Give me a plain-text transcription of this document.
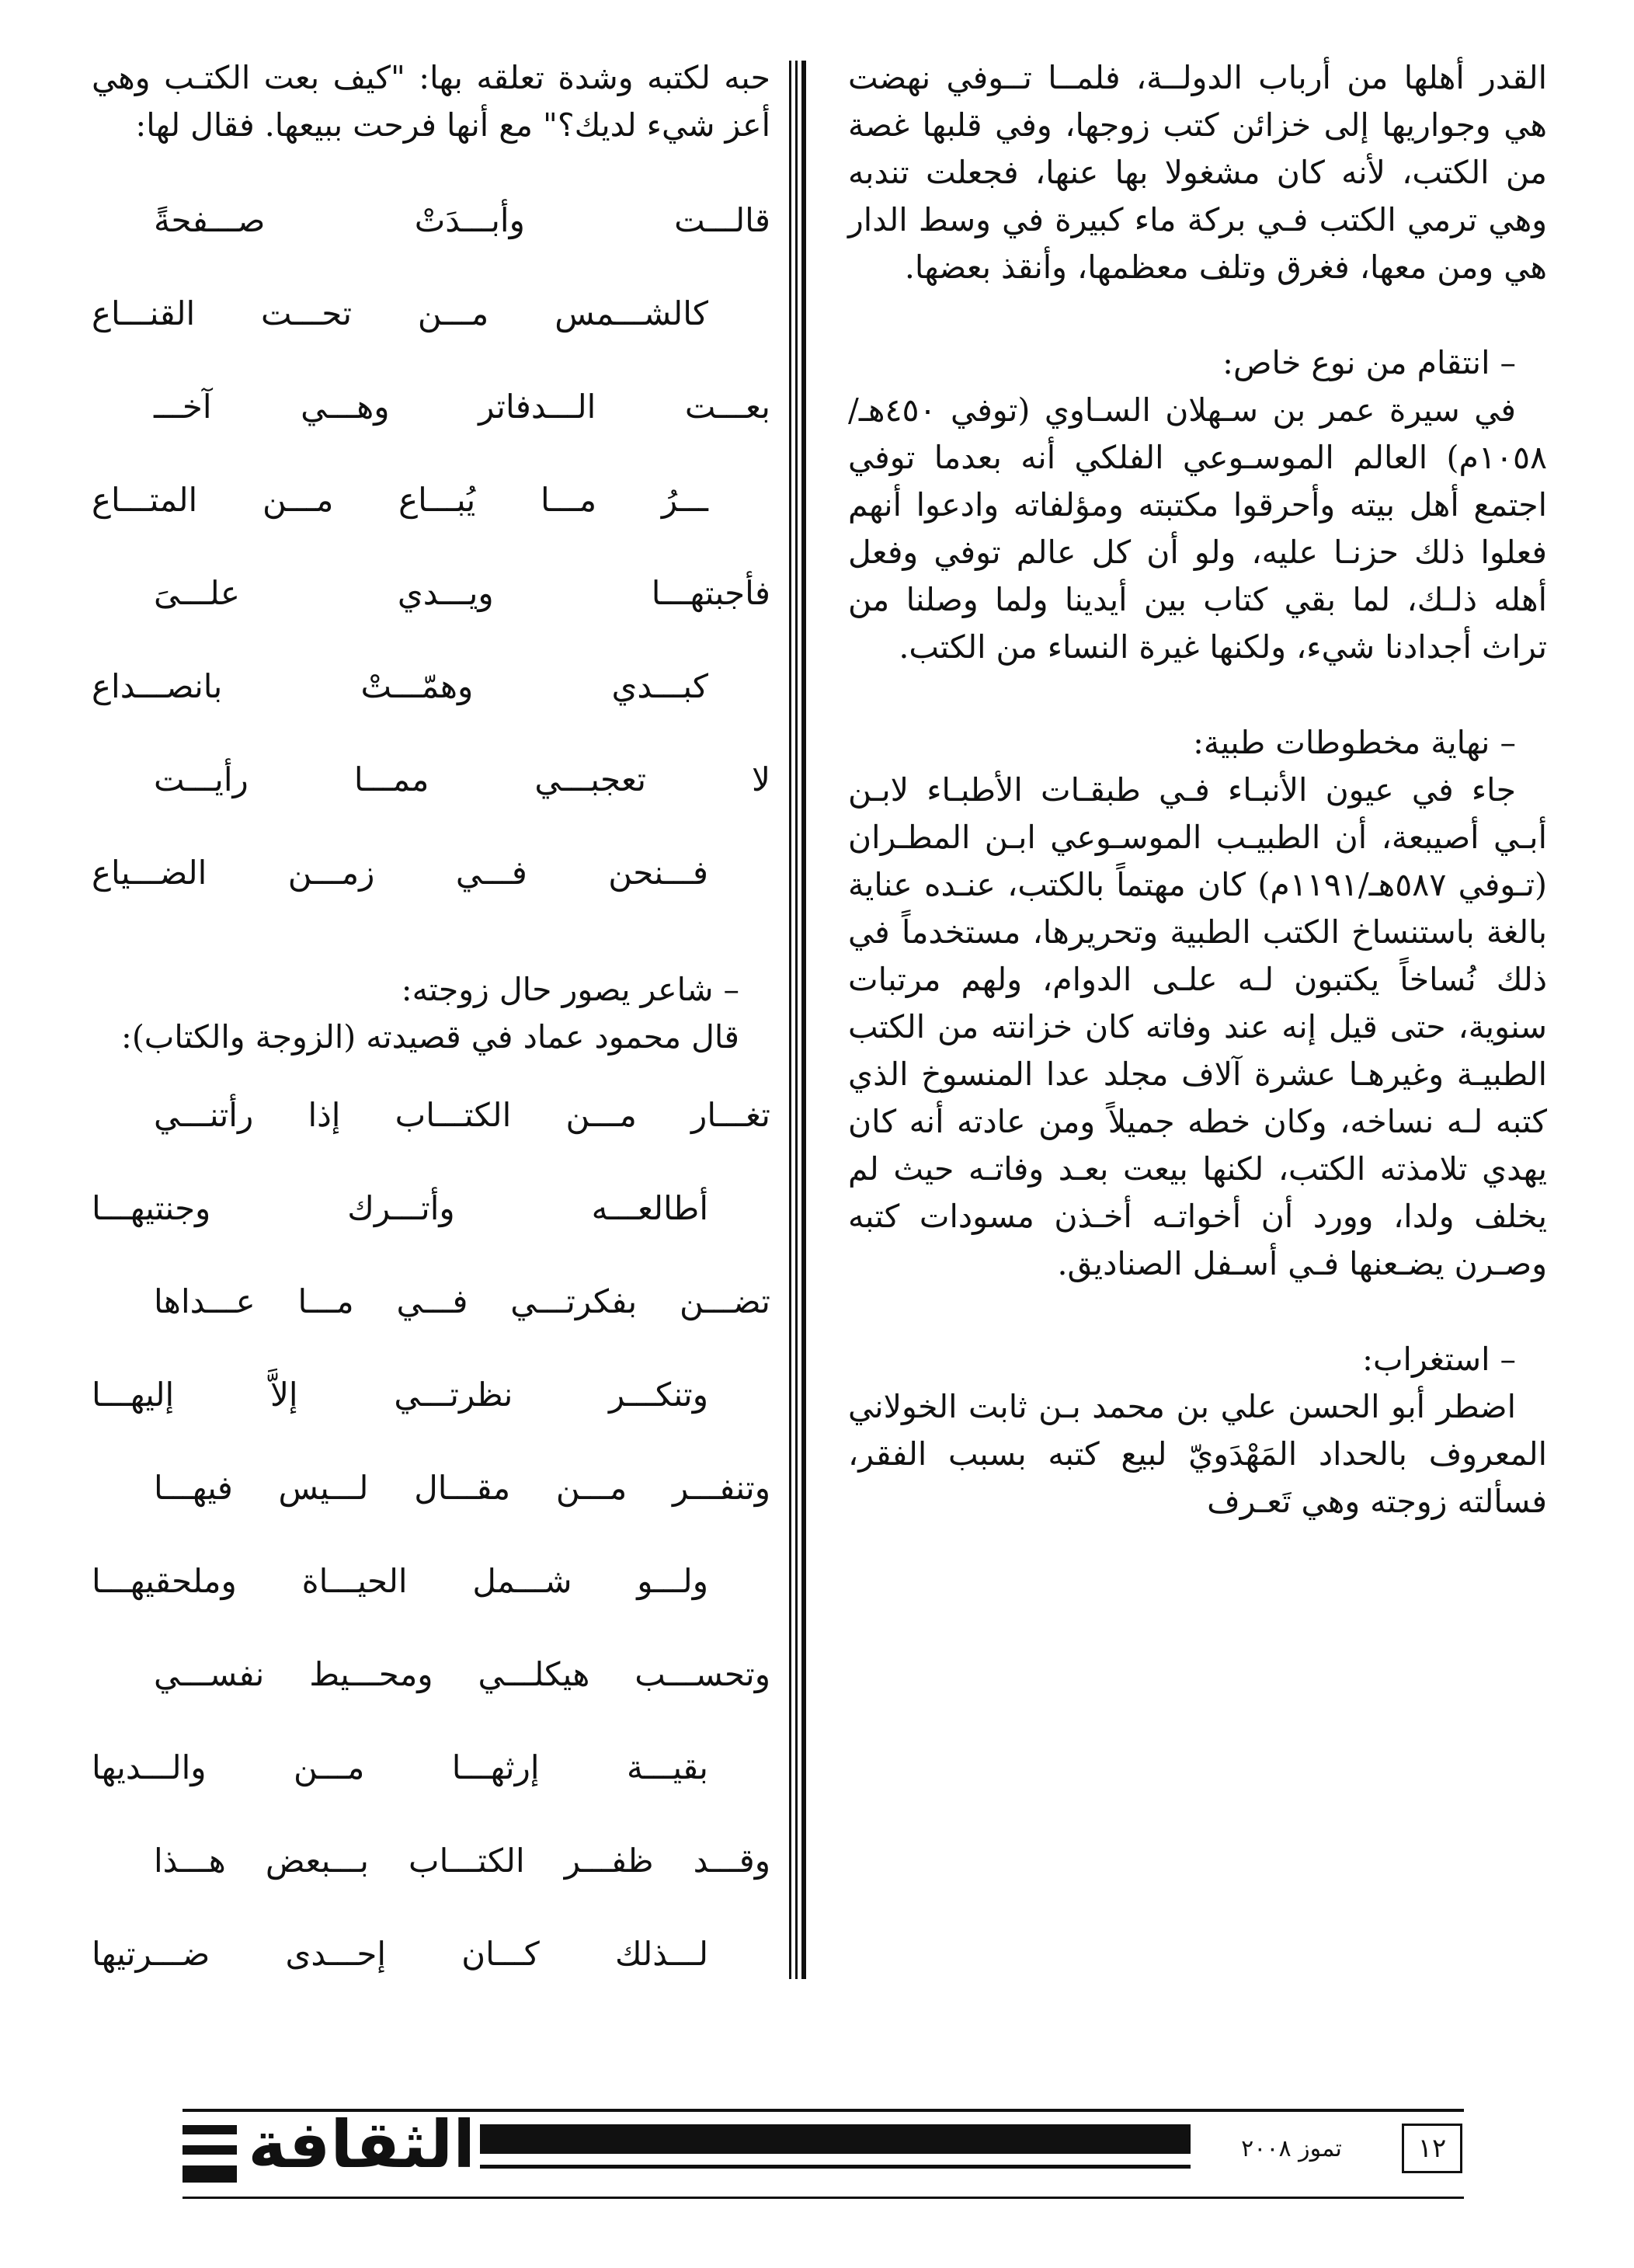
القدر أهلها من أرباب الدولــة، فلمــا تــوفي نهضت هي وجواريها إلى خزائن كتب زوجها، وفي قلبها غصة من الكتب، لأنه كان مشغولا بها عنها، فجعلت تندبه وهي ترمي الكتب فـي بركة ماء كبيرة في وسط الدار هي ومن معها، فغرق وتلف معظمها، وأنقذ بعضها.

– انتقام من نوع خاص:

في سيرة عمر بن سـهلان السـاوي (توفي ٤٥٠هـ/١٠٥٨م) العالم الموسـوعي الفلكي أنه بعدما توفي اجتمع أهل بيته وأحرقوا مكتبته ومؤلفاته وادعوا أنهم فعلوا ذلك حزنـا عليه، ولو أن كل عالم توفي وفعل أهله ذلـك، لما بقي كتاب بين أيدينا ولما وصلنا من تراث أجدادنا شيء، ولكنها غيرة النساء من الكتب.

– نهاية مخطوطات طبية:

جاء في عيون الأنبـاء فـي طبقـات الأطبـاء لابـن أبـي أصيبعة، أن الطبيـب الموسـوعي ابـن المطـران (تـوفي ٥٨٧هـ/١١٩١م) كان مهتماً بالكتب، عنـده عناية بالغة باستنساخ الكتب الطبية وتحريرها، مستخدماً في ذلك نُساخاً يكتبون لـه علـى الدوام، ولهم مرتبات سنوية، حتى قيل إنه عند وفاته كان خزانته من الكتب الطبيـة وغيرهـا عشرة آلاف مجلد عدا المنسوخ الذي كتبه لـه نساخه، وكان خطه جميلاً ومن عادته أنه كان يهدي تلامذته الكتب، لكنها بيعت بعـد وفاتـه حيث لم يخلف ولدا، وورد أن أخواتـه أخـذن مسودات كتبه وصـرن يضـعنها فـي أسـفل الصناديق.

– استغراب:

اضطر أبو الحسن علي بن محمد بـن ثابت الخولاني المعروف بالحداد المَهْدَويّ لبيع كتبه بسبب الفقر، فسألته زوجته وهي تَعـرف

حبه لكتبه وشدة تعلقه بها: "كيف بعت الكتـب وهي أعز شيء لديك؟" مع أنها فرحت ببيعها. فقال لها:

قالـــت وأبـــدَتْ صـــفحةً
كالشـــمس مـــن تحـــت القنـــاع
بعـــت الـــدفاتر وهـــي آخـــ
ـــرُ مـــا يُبـــاع مـــن المتـــاع
فأجبتهـــا ويـــدي علـــىَ
كبـــدي وهمّـــتْ بانصـــداع
لا تعجبـــي ممـــا رأيـــت
فـــنحن فـــي زمـــن الضـــياع

– شاعر يصور حال زوجته:

قال محمود عماد في قصيدته (الزوجة والكتاب):

تغـــار مـــن الكتـــاب إذا رأتنـــي
أطالعـــه وأتـــرك وجنتيهـــا
تضـــن بفكرتـــي فـــي مـــا عـــداها
وتنكـــر نظرتـــي إلاَّ إليهـــا
وتنفـــر مـــن مقـــال لـــيس فيهـــا
ولـــو شـــمل الحيـــاة وملحقيهـــا
وتحســـب هيكلـــي ومحـــيط نفســـي
بقيـــة إرثهـــا مـــن والـــديها
وقـــد ظفـــر الكتـــاب بـــبعض هـــذا
لـــذلك كـــان إحـــدى ضـــرتيها
الثقافة	تموز ٢٠٠٨	١٢
